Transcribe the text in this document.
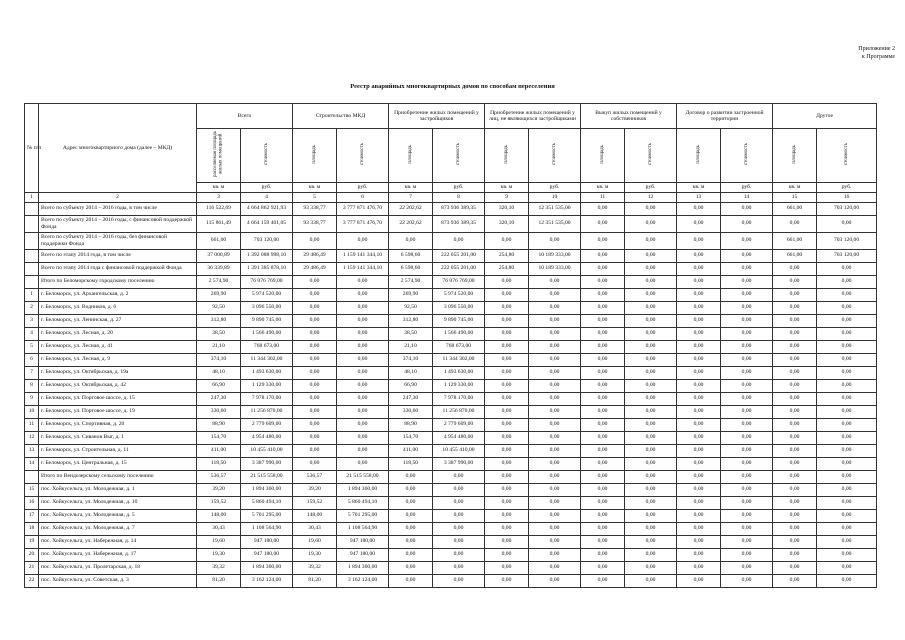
Приложение 2
к Программе
Реестр аварийных многоквартирных домов по способам переселения
№ п/п	Адрес многоквартирного дома (далее – МКД)	Всего		Строительство МКД		Приобретение жилых помещений у застройщиков		Приобретение жилых помещений у лиц, не являющихся застройщиками		Выкуп жилых помещений у собственников		Договор о развитии застроенной территории		Другое	
		расселяемая площадь жилых помещений	стоимость	площадь	стоимость	площадь	стоимость	площадь	стоимость	площадь	стоимость	площадь	стоимость	площадь	стоимость
		кв. м	руб.	кв. м	руб.	кв. м	руб.	кв. м	руб.	кв. м	руб.	кв. м	руб.	кв. м	руб.
1	2	3	4	5	6	7	8	9	10	11	12	13	14	15	16
	Всего по субъекту 2014 – 2016 годы, в том числе	116 522,69	4 664 862 921,93	93 338,77	3 777 871 476,70	22 202,62	873 936 389,35	320,10	12 351 535,00	0,00	0,00	0,00	0,00	661,00	703 120,00
	Всего по субъекту 2014 – 2016 годы, с финансовой поддержкой Фонда	115 861,49	4 664 159 401,05	93 338,77	3 777 871 476,70	22 202,62	873 936 389,35	320,10	12 351 535,00	0,00	0,00	0,00	0,00	0,00	0,00
	Всего по субъекту 2014 – 2016 годы, без финансовой поддержки Фонда	661,00	703 120,00	0,00	0,00	0,00	0,00	0,00	0,00	0,00	0,00	0,00	0,00	661,00	703 120,00
	Всего по этапу 2014 года, в том числе	37 000,89	1 392 088 998,10	29 486,49	1 159 141 344,10	6 598,60	222 055 201,00	254,80	10 189 333,00	0,00	0,00	0,00	0,00	661,00	703 120,00
	Всего по этапу 2014 года с финансовой поддержкой Фонда	36 339,89	1 391 385 878,10	29 486,49	1 159 141 344,10	6 598,60	222 055 201,00	254,80	10 189 333,00	0,00	0,00	0,00	0,00	0,00	0,00
	Итого по Беломорскому городскому поселению	2 574,90	76 076 769,00	0,00	0,00	2 574,90	76 076 769,00	0,00	0,00	0,00	0,00	0,00	0,00	0,00	0,00
1	г. Беломорск, ул. Архангельская, д. 2	269,90	5 974 520,00	0,00	0,00	269,90	5 974 520,00	0,00	0,00	0,00	0,00	0,00	0,00	0,00	0,00
2	г. Беломорск, ул. Водников, д. 6	92,50	3 096 550,00	0,00	0,00	92,50	3 096 550,00	0,00	0,00	0,00	0,00	0,00	0,00	0,00	0,00
3	г. Беломорск, ул. Ленинская, д. 27	312,80	9 890 745,00	0,00	0,00	312,80	9 890 745,00	0,00	0,00	0,00	0,00	0,00	0,00	0,00	0,00
4	г. Беломорск, ул. Лесная, д. 20	38,50	1 566 490,00	0,00	0,00	38,50	1 566 490,00	0,00	0,00	0,00	0,00	0,00	0,00	0,00	0,00
5	г. Беломорск, ул. Лесная, д. 41	21,10	768 673,00	0,00	0,00	21,10	768 673,00	0,00	0,00	0,00	0,00	0,00	0,00	0,00	0,00
6	г. Беломорск, ул. Лесная, д. 9	374,10	11 344 302,00	0,00	0,00	374,10	11 344 302,00	0,00	0,00	0,00	0,00	0,00	0,00	0,00	0,00
7	г. Беломорск, ул. Октябрьская, д. 19а	48,10	1 493 630,00	0,00	0,00	48,10	1 493 630,00	0,00	0,00	0,00	0,00	0,00	0,00	0,00	0,00
8	г. Беломорск, ул. Октябрьская, д. 42	66,90	1 129 330,00	0,00	0,00	66,90	1 129 330,00	0,00	0,00	0,00	0,00	0,00	0,00	0,00	0,00
9	г. Беломорск, ул. Портовое шоссе, д. 15	247,30	7 978 170,00	0,00	0,00	247,30	7 978 170,00	0,00	0,00	0,00	0,00	0,00	0,00	0,00	0,00
10	г. Беломорск, ул. Портовое шоссе, д. 19	330,60	11 256 870,00	0,00	0,00	330,60	11 256 870,00	0,00	0,00	0,00	0,00	0,00	0,00	0,00	0,00
11	г. Беломорск, ул. Спортивная, д. 20	88,90	2 779 609,00	0,00	0,00	88,90	2 779 609,00	0,00	0,00	0,00	0,00	0,00	0,00	0,00	0,00
12	г. Беломорск, ул. Сиванов Выг, д. 1	154,70	4 954 480,00	0,00	0,00	154,70	4 954 480,00	0,00	0,00	0,00	0,00	0,00	0,00	0,00	0,00
13	г. Беломорск, ул. Строительная, д. 11	411,00	10 455 410,00	0,00	0,00	411,00	10 455 410,00	0,00	0,00	0,00	0,00	0,00	0,00	0,00	0,00
14	г. Беломорск, ул. Центральная, д. 15	118,50	3 387 990,00	0,00	0,00	118,50	3 387 990,00	0,00	0,00	0,00	0,00	0,00	0,00	0,00	0,00
	Итого по Вендозерскому сельскому поселению	536,57	21 515 558,00	536,57	21 515 558,00	0,00	0,00	0,00	0,00	0,00	0,00	0,00	0,00	0,00	0,00
15	пос. Хойкусельга, ул. Молодежная, д. 1	39,20	1 894 360,00	39,20	1 894 360,00	0,00	0,00	0,00	0,00	0,00	0,00	0,00	0,00	0,00	0,00
16	пос. Хойкусельга, ул. Молодежная, д. 10	159,52	5 860 494,10	159,52	5 860 494,10	0,00	0,00	0,00	0,00	0,00	0,00	0,00	0,00	0,00	0,00
17	пос. Хойкусельга, ул. Молодежная, д. 5	148,00	5 701 295,00	148,00	5 701 295,00	0,00	0,00	0,00	0,00	0,00	0,00	0,00	0,00	0,00	0,00
18	пос. Хойкусельга, ул. Молодежная, д. 7	30,43	1 108 564,90	30,43	1 108 564,90	0,00	0,00	0,00	0,00	0,00	0,00	0,00	0,00	0,00	0,00
19	пос. Хойкусельга, ул. Набережная, д. 14	19,60	947 180,00	19,60	947 180,00	0,00	0,00	0,00	0,00	0,00	0,00	0,00	0,00	0,00	0,00
20	пос. Хойкусельга, ул. Набережная, д. 17	19,30	947 180,00	19,30	947 180,00	0,00	0,00	0,00	0,00	0,00	0,00	0,00	0,00	0,00	0,00
21	пос. Хойкусельга, ул. Пролетарская, д. 18	39,32	1 894 360,00	39,32	1 894 360,00	0,00	0,00	0,00	0,00	0,00	0,00	0,00	0,00	0,00	0,00
22	пос. Хойкусельга, ул. Советская, д. 3	81,20	3 162 124,00	81,20	3 162 124,00	0,00	0,00	0,00	0,00	0,00	0,00	0,00	0,00	0,00	0,00
